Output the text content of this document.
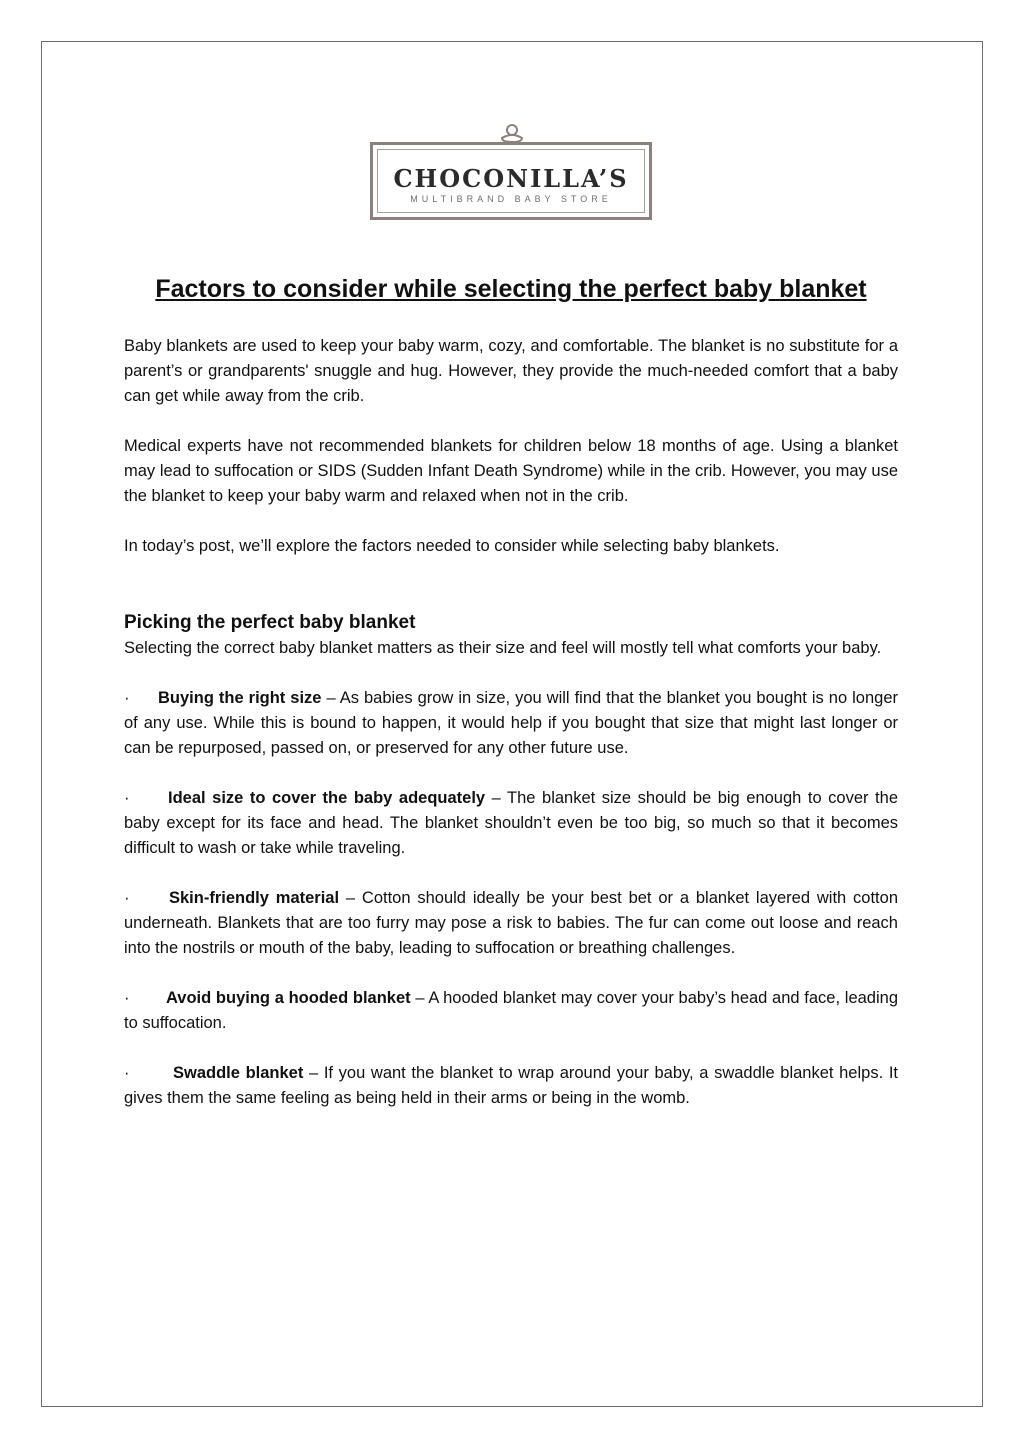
CHOCONILLA’S
MULTIBRAND BABY STORE
Factors to consider while selecting the perfect baby blanket

Baby blankets are used to keep your baby warm, cozy, and comfortable. The blanket is no substitute for a parent’s or grandparents' snuggle and hug. However, they provide the much-needed comfort that a baby can get while away from the crib.

Medical experts have not recommended blankets for children below 18 months of age. Using a blanket may lead to suffocation or SIDS (Sudden Infant Death Syndrome) while in the crib. However, you may use the blanket to keep your baby warm and relaxed when not in the crib.

In today’s post, we’ll explore the factors needed to consider while selecting baby blankets.

Picking the perfect baby blanket

Selecting the correct baby blanket matters as their size and feel will mostly tell what comforts your baby.

· Buying the right size – As babies grow in size, you will find that the blanket you bought is no longer of any use. While this is bound to happen, it would help if you bought that size that might last longer or can be repurposed, passed on, or preserved for any other future use.

· Ideal size to cover the baby adequately – The blanket size should be big enough to cover the baby except for its face and head. The blanket shouldn’t even be too big, so much so that it becomes difficult to wash or take while traveling.

· Skin-friendly material – Cotton should ideally be your best bet or a blanket layered with cotton underneath. Blankets that are too furry may pose a risk to babies. The fur can come out loose and reach into the nostrils or mouth of the baby, leading to suffocation or breathing challenges.

· Avoid buying a hooded blanket – A hooded blanket may cover your baby’s head and face, leading to suffocation.

·	Swaddle blanket – If you want the blanket to wrap around your baby, a swaddle blanket helps. It gives them the same feeling as being held in their arms or being in the womb.
